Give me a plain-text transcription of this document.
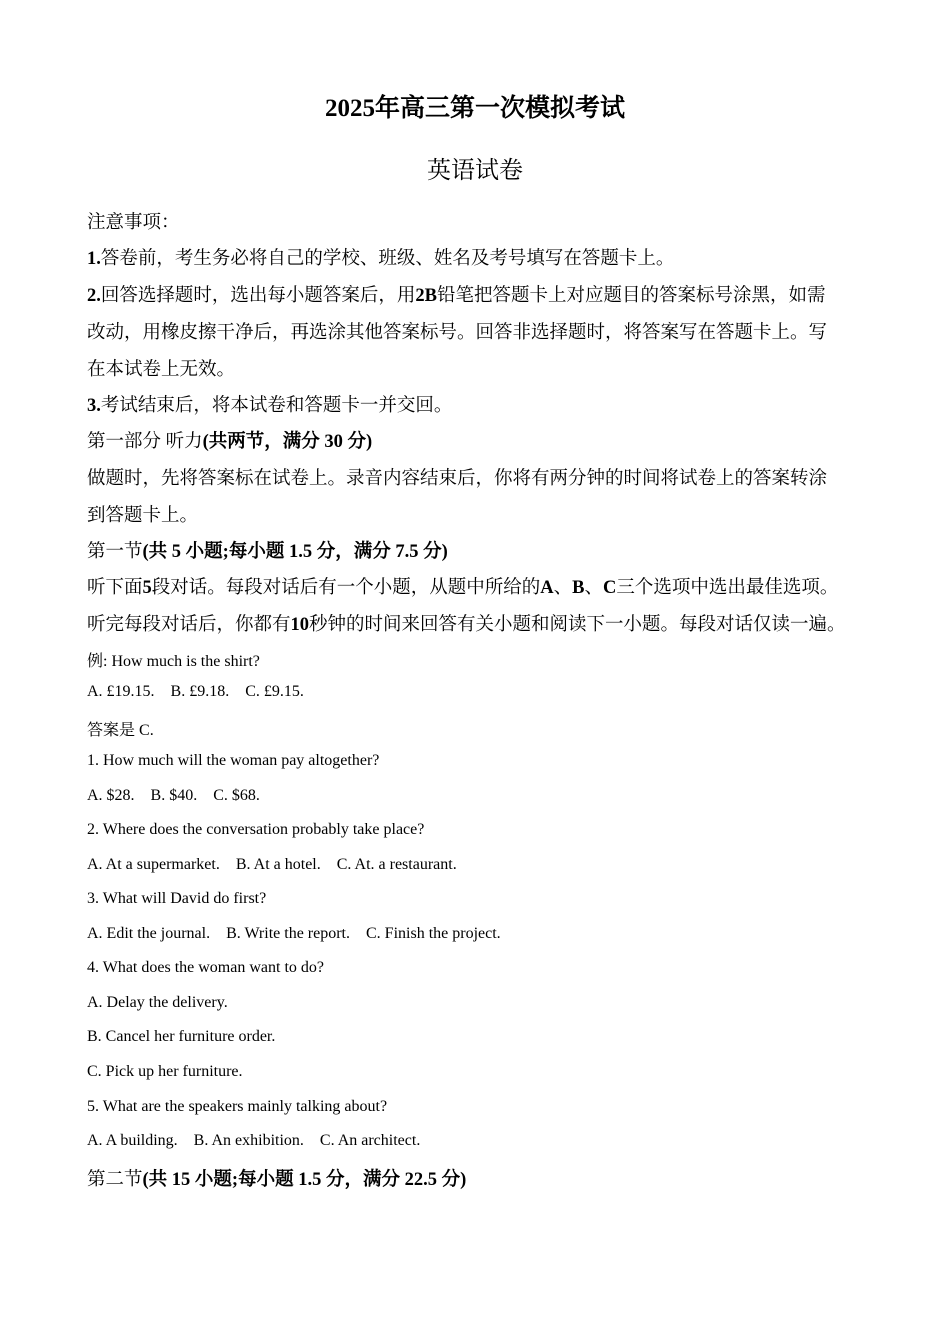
2025年高三第一次模拟考试
英语试卷
注意事项：
1.答卷前，考生务必将自己的学校、班级、姓名及考号填写在答题卡上。
2.回答选择题时，选出每小题答案后，用2B铅笔把答题卡上对应题目的答案标号涂黑，如需
改动，用橡皮擦干净后，再选涂其他答案标号。回答非选择题时，将答案写在答题卡上。写
在本试卷上无效。
3.考试结束后，将本试卷和答题卡一并交回。
第一部分 听力(共两节，满分 30 分)
做题时，先将答案标在试卷上。录音内容结束后，你将有两分钟的时间将试卷上的答案转涂
到答题卡上。
第一节(共 5 小题;每小题 1.5 分，满分 7.5 分)
听下面5段对话。每段对话后有一个小题，从题中所给的A、B、C三个选项中选出最佳选项。
听完每段对话后，你都有10秒钟的时间来回答有关小题和阅读下一小题。每段对话仅读一遍。
例: How much is the shirt?
A. £19.15.    B. £9.18.    C. £9.15.
答案是 C.
1. How much will the woman pay altogether?
A. $28.    B. $40.    C. $68.
2. Where does the conversation probably take place?
A. At a supermarket.    B. At a hotel.    C. At. a restaurant.
3. What will David do first?
A. Edit the journal.    B. Write the report.    C. Finish the project.
4. What does the woman want to do?
A. Delay the delivery.
B. Cancel her furniture order.
C. Pick up her furniture.
5. What are the speakers mainly talking about?
A. A building.    B. An exhibition.    C. An architect.
第二节(共 15 小题;每小题 1.5 分，满分 22.5 分)
